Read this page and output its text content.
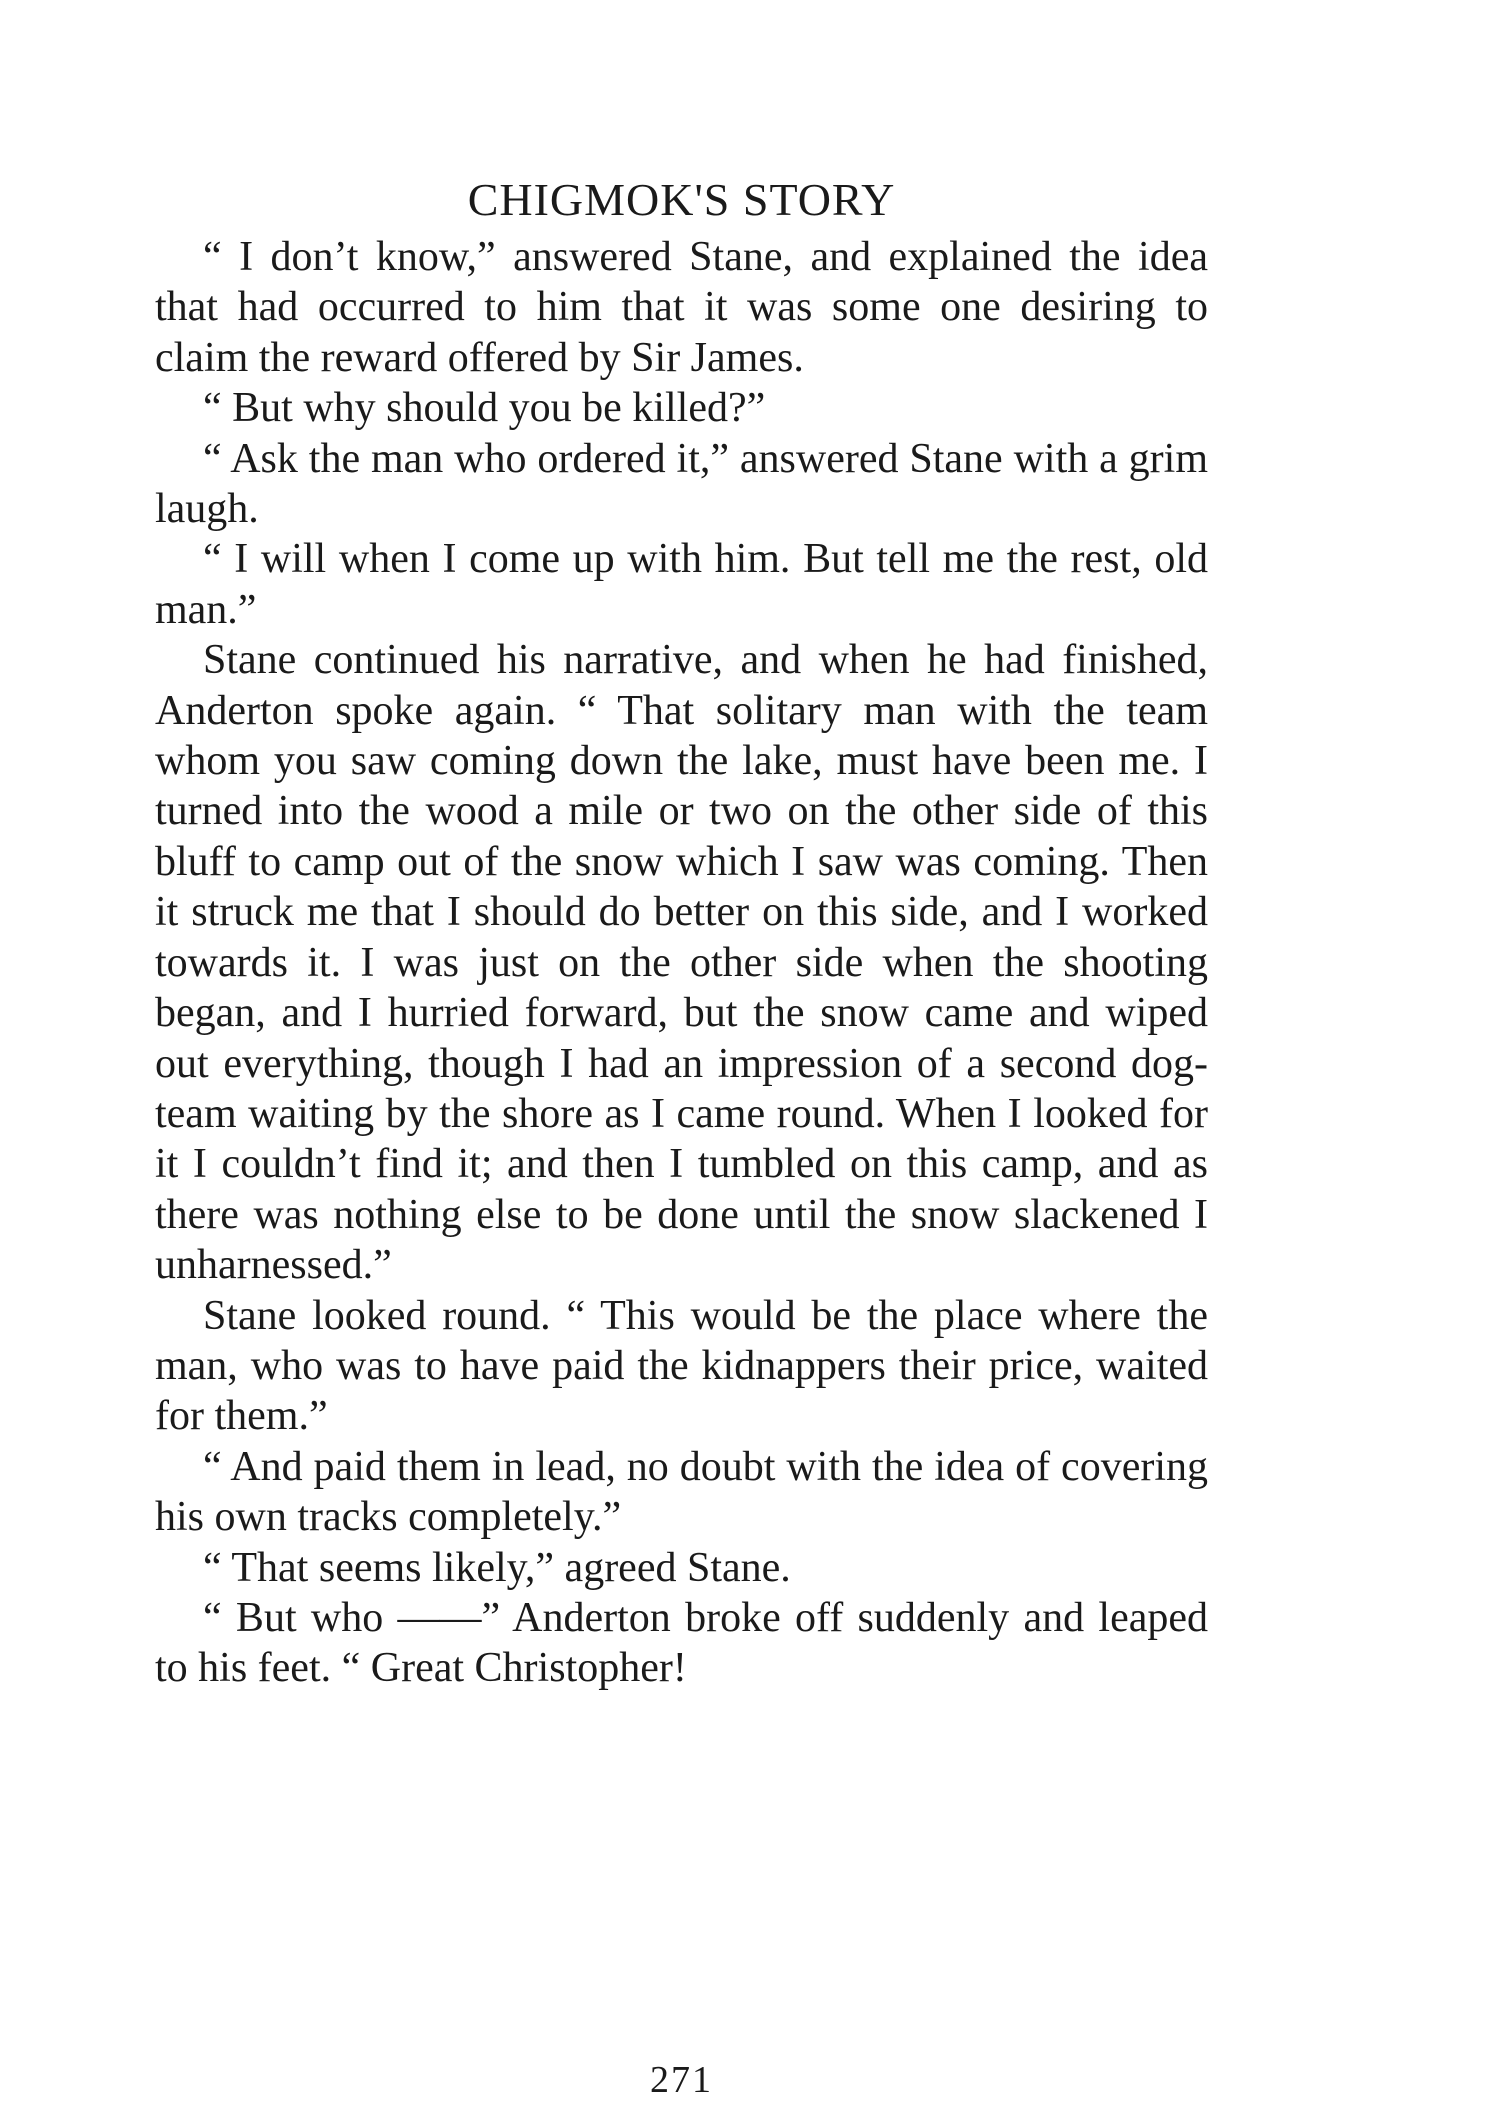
CHIGMOK'S STORY

“ I don’t know,” answered Stane, and explained the idea that had occurred to him that it was some one desiring to claim the reward offered by Sir James.

“ But why should you be killed?”

“ Ask the man who ordered it,” answered Stane with a grim laugh.

“ I will when I come up with him. But tell me the rest, old man.”

Stane continued his narrative, and when he had finished, Anderton spoke again. “ That solitary man with the team whom you saw coming down the lake, must have been me. I turned into the wood a mile or two on the other side of this bluff to camp out of the snow which I saw was coming. Then it struck me that I should do better on this side, and I worked towards it. I was just on the other side when the shooting began, and I hurried forward, but the snow came and wiped out everything, though I had an impression of a second dog-team waiting by the shore as I came round. When I looked for it I couldn’t find it; and then I tumbled on this camp, and as there was nothing else to be done until the snow slackened I unharnessed.”

Stane looked round. “ This would be the place where the man, who was to have paid the kidnappers their price, waited for them.”

“ And paid them in lead, no doubt with the idea of covering his own tracks completely.”

“ That seems likely,” agreed Stane.

“ But who ——” Anderton broke off suddenly and leaped to his feet. “ Great Christopher!

271
